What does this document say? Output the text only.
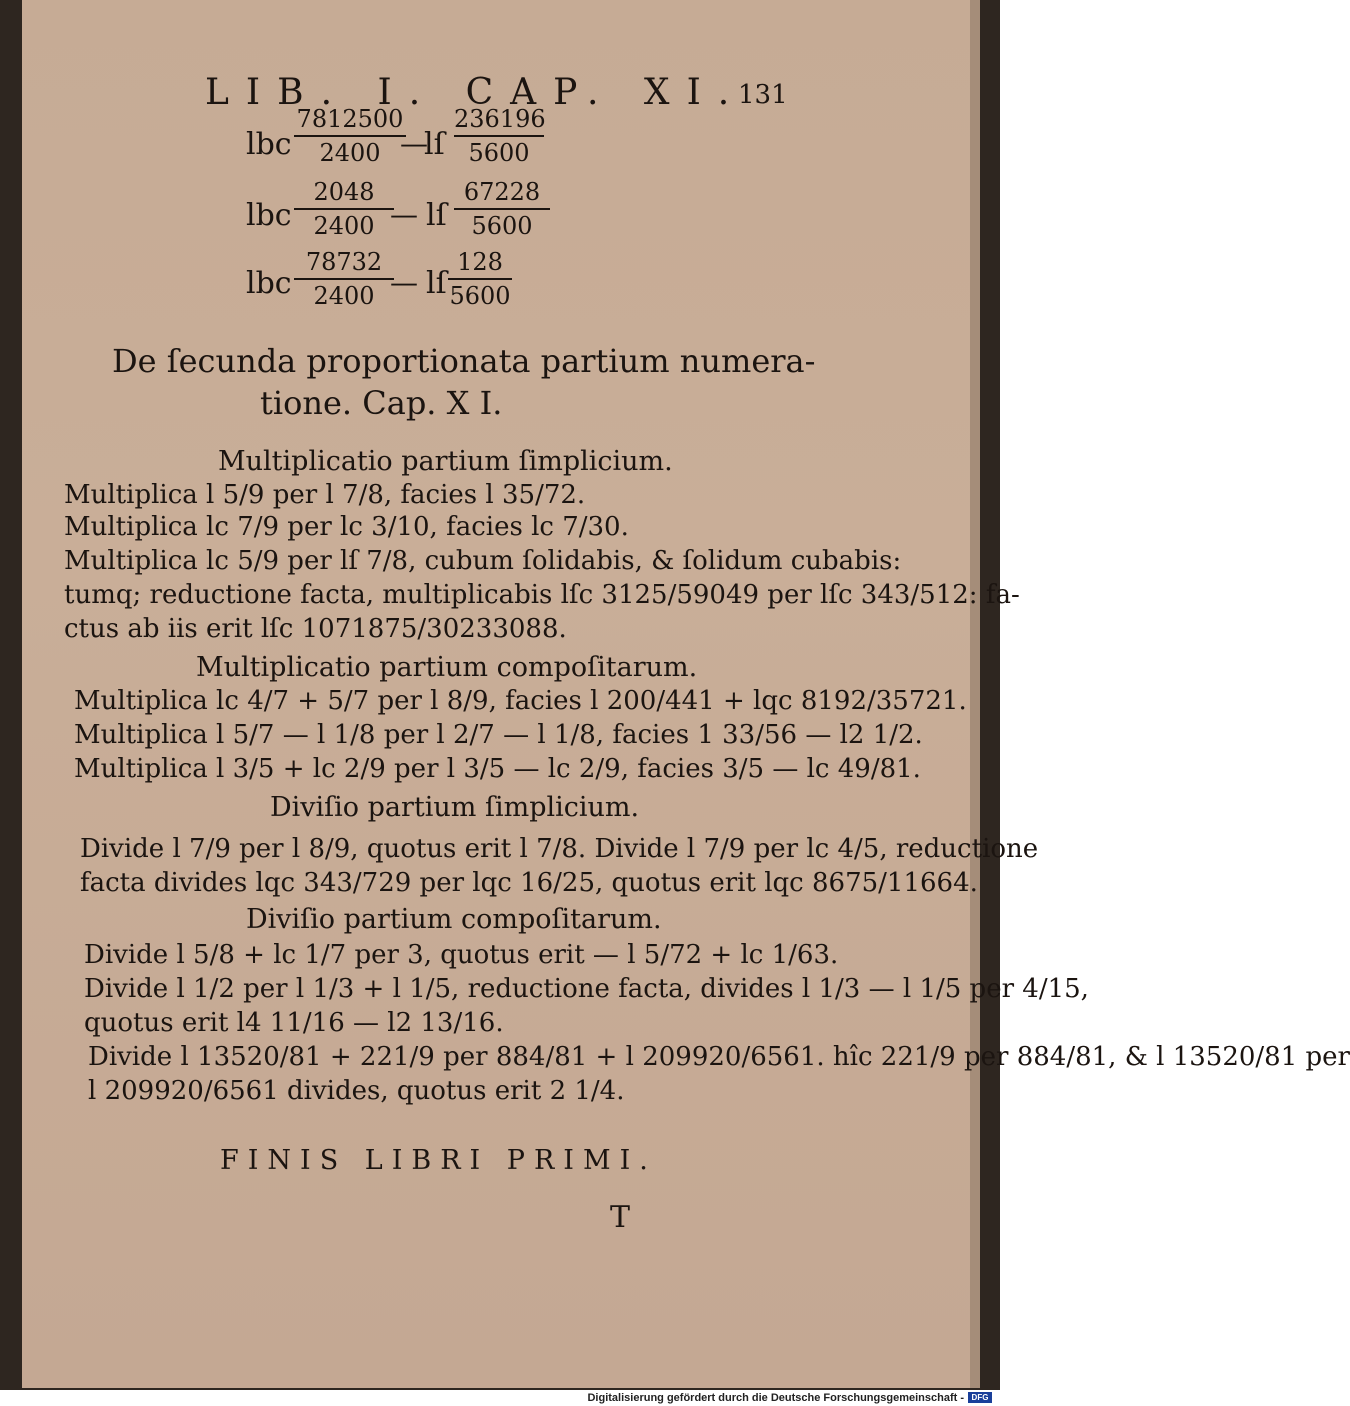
LIB. I. CAP. XI.
131
lbc
7812500
2400 —
lſ
236196
5600
lbc
2048
2400 — lſ
67228
5600
lbc
78732
2400 — lſ
128
5600
De ſecunda proportionata partium numera-
tione. Cap. X I.
Multiplicatio partium ſimplicium.
Multiplica l 5/9 per l 7/8, facies l 35/72.
Multiplica lc 7/9 per lc 3/10, facies lc 7/30.
Multiplica lc 5/9 per lſ 7/8, cubum ſolidabis, & ſolidum cubabis:
tumq; reductione facta, multiplicabis lſc 3125/59049 per lſc 343/512: fa-
ctus ab iis erit lſc 1071875/30233088.
Multiplicatio partium compoſitarum.
Multiplica lc 4/7 + 5/7 per l 8/9, facies l 200/441 + lqc 8192/35721.
Multiplica l 5/7 — l 1/8 per l 2/7 — l 1/8, facies 1 33/56 — l2 1/2.
Multiplica l 3/5 + lc 2/9 per l 3/5 — lc 2/9, facies 3/5 — lc 49/81.
Diviſio partium ſimplicium.
Divide l 7/9 per l 8/9, quotus erit l 7/8. Divide l 7/9 per lc 4/5, reductione
facta divides lqc 343/729 per lqc 16/25, quotus erit lqc 8675/11664.
Diviſio partium compoſitarum.
Divide l 5/8 + lc 1/7 per 3, quotus erit — l 5/72 + lc 1/63.
Divide l 1/2 per l 1/3 + l 1/5, reductione facta, divides l 1/3 — l 1/5 per 4/15,
quotus erit l4 11/16 — l2 13/16.
Divide l 13520/81 + 221/9 per 884/81 + l 209920/6561. hîc 221/9 per 884/81, & l 13520/81 per
l 209920/6561 divides, quotus erit 2 1/4.
FINIS LIBRI PRIMI.
T
Digitalisierung gefördert durch die Deutsche Forschungsgemeinschaft - DFG
